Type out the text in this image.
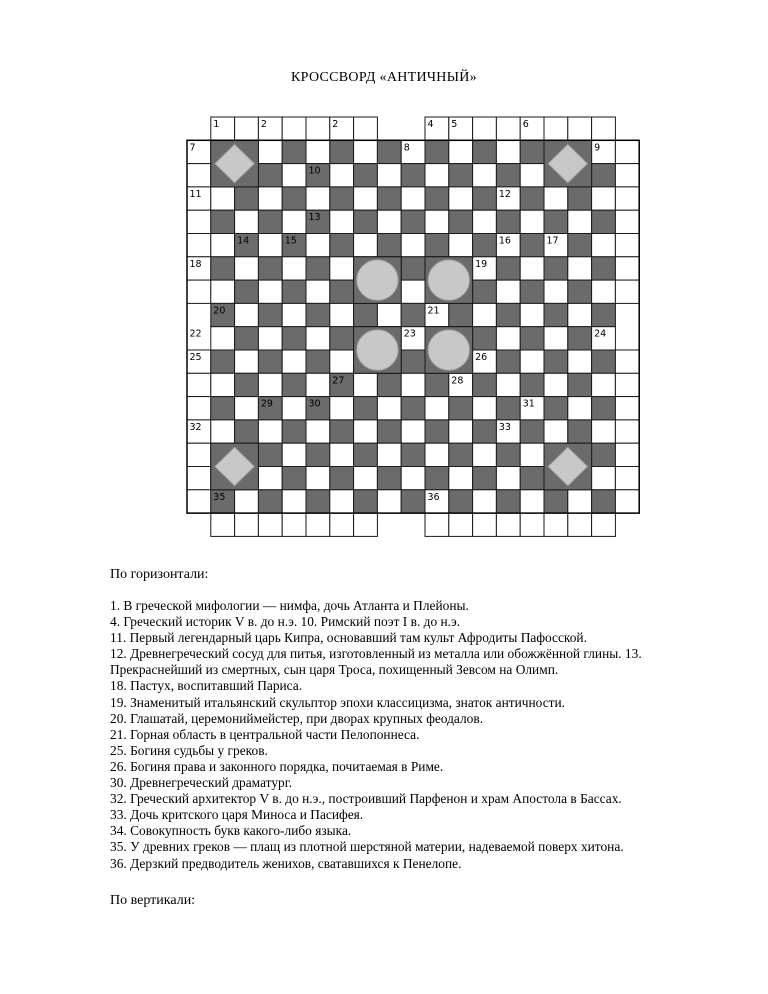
КРОССВОРД «АНТИЧНЫЙ»
1	2	2	4 5	6
7	8	9
10
11	12
13
14	15	16	17
18	19
20	21
22	23	24
25	26
27	28
29	30	31
32	33
35	36
По горизонтали:
1. В греческой мифологии — нимфа, дочь Атланта и Плейоны.
4. Греческий историк V в. до н.э. 10. Римский поэт I в. до н.э.
11. Первый легендарный царь Кипра, основавший там культ Афродиты Пафосской.
12. Древнегреческий сосуд для питья, изготовленный из металла или обожжённой глины. 13.
Прекраснейший из смертных, сын царя Троса, похищенный Зевсом на Олимп.
18. Пастух, воспитавший Париса.
19. Знаменитый итальянский скульптор эпохи классицизма, знаток античности.
20. Глашатай, церемониймейстер, при дворах крупных феодалов.
21. Горная область в центральной части Пелопоннеса.
25. Богиня судьбы у греков.
26. Богиня права и законного порядка, почитаемая в Риме.
30. Древнегреческий драматург.
32. Греческий архитектор V в. до н.э., построивший Парфенон и храм Апостола в Бассах.
33. Дочь критского царя Миноса и Пасифея.
34. Совокупность букв какого-либо языка.
35. У древних греков — плащ из плотной шерстяной материи, надеваемой поверх хитона.
36. Дерзкий предводитель женихов, сватавшихся к Пенелопе.
По вертикали:
